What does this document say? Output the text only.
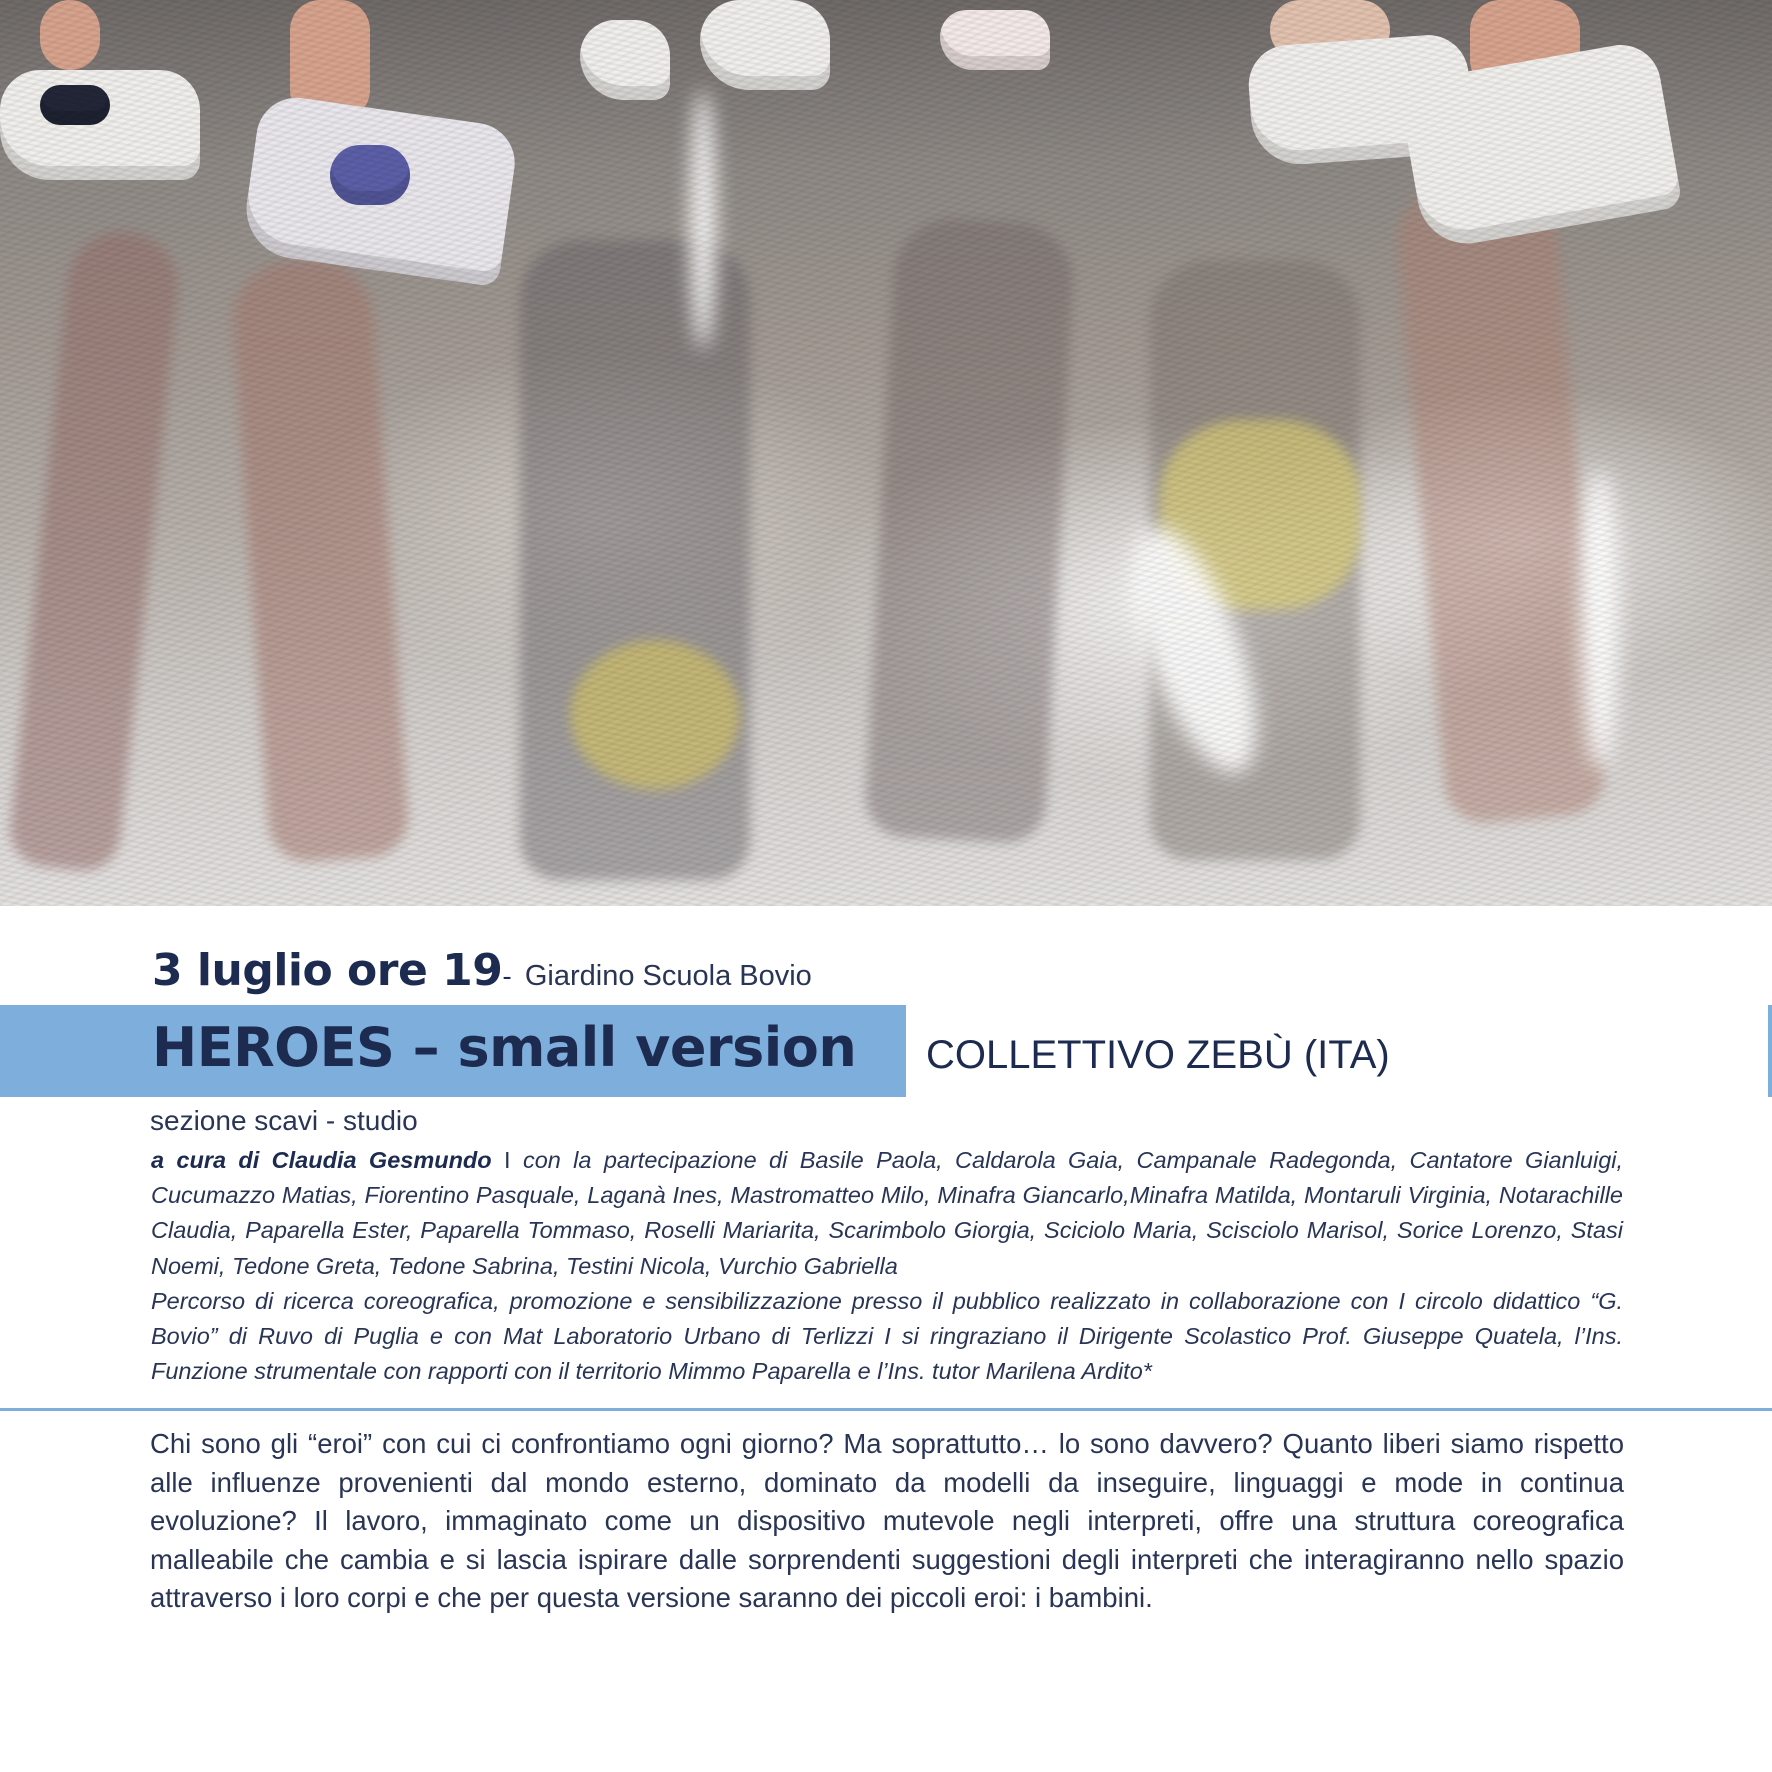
3 luglio ore 19- Giardino Scuola Bovio
HEROES – small version COLLETTIVO ZEBÙ (ITA)
sezione scavi - studio
a cura di Claudia Gesmundo I con la partecipazione di Basile Paola, Caldarola Gaia, Campanale Radegonda, Cantatore Gianluigi, Cucumazzo Matias, Fiorentino Pasquale, Laganà Ines, Mastromatteo Milo, Minafra Giancarlo,Minafra Matilda, Montaruli Virginia, Notarachille Claudia, Paparella Ester, Paparella Tommaso, Roselli Mariarita, Scarimbolo Giorgia, Sciciolo Maria, Scisciolo Marisol, Sorice Lorenzo, Stasi Noemi, Tedone Greta, Tedone Sabrina, Testini Nicola, Vurchio Gabriella
Percorso di ricerca coreografica, promozione e sensibilizzazione presso il pubblico realizzato in collaborazione con I circolo didattico “G. Bovio” di Ruvo di Puglia e con Mat Laboratorio Urbano di Terlizzi I si ringraziano il Dirigente Scolastico Prof. Giuseppe Quatela, l’Ins. Funzione strumentale con rapporti con il territorio Mimmo Paparella e l’Ins. tutor Marilena Ardito*
Chi sono gli “eroi” con cui ci confrontiamo ogni giorno? Ma soprattutto… lo sono davvero? Quanto liberi siamo rispetto alle influenze provenienti dal mondo esterno, dominato da modelli da inseguire, linguaggi e mode in continua evoluzione? Il lavoro, immaginato come un dispositivo mutevole negli interpreti, offre una struttura coreografica malleabile che cambia e si lascia ispirare dalle sorprendenti suggestioni degli interpreti che interagiranno nello spazio attraverso i loro corpi e che per questa versione saranno dei piccoli eroi: i bambini.
